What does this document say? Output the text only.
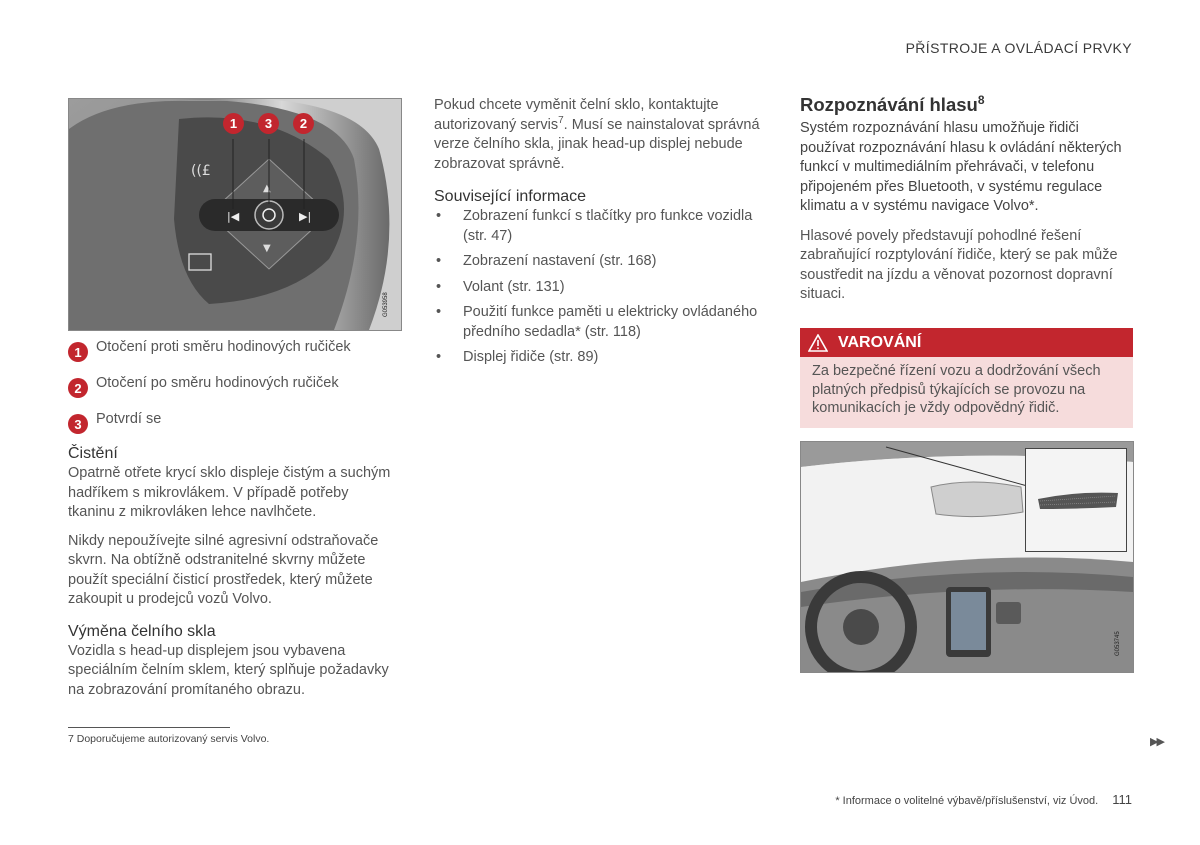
PŘÍSTROJE A OVLÁDACÍ PRVKY
|◀	▶|
▲
▼
((£
1	3	2
G053958
1 Otočení proti směru hodinových ručiček
2 Otočení po směru hodinových ručiček
3 Potvrdí se
Čistění
Opatrně otřete krycí sklo displeje čistým a suchým hadříkem s mikrovlákem. V případě potřeby tkaninu z mikrovláken lehce navlhčete.
Nikdy nepoužívejte silné agresivní odstraňovače skvrn. Na obtížně odstranitelné skvrny můžete použít speciální čisticí prostředek, který můžete zakoupit u prodejců vozů Volvo.
Výměna čelního skla
Vozidla s head-up displejem jsou vybavena speciálním čelním sklem, který splňuje požadavky na zobrazování promítaného obrazu.
Pokud chcete vyměnit čelní sklo, kontaktujte autorizovaný servis$^7$. Musí se nainstalovat správná verze čelního skla, jinak head-up displej nebude zobrazovat správně.
Související informace
• Zobrazení funkcí s tlačítky pro funkce vozidla (str. 47)
• Zobrazení nastavení (str. 168)
• Volant (str. 131)
• Použití funkce paměti u elektricky ovládaného předního sedadla* (str. 118)
• Displej řidiče (str. 89)
Rozpoznávání hlasu$^8$
Systém rozpoznávání hlasu umožňuje řidiči používat rozpoznávání hlasu k ovládání některých funkcí v multimediálním přehrávači, v telefonu připojeném přes Bluetooth, v systému regulace klimatu a v systému navigace Volvo*.
Hlasové povely představují pohodlné řešení zabraňující rozptylování řidiče, který se pak může soustředit na jízdu a věnovat pozornost dopravní situaci.
VAROVÁNÍ
Za bezpečné řízení vozu a dodržování všech platných předpisů týkajících se provozu na komunikacích je vždy odpovědný řidič.
G053745
7 Doporučujeme autorizovaný servis Volvo.	▶▶
* Informace o volitelné výbavě/příslušenství, viz Úvod. 111
